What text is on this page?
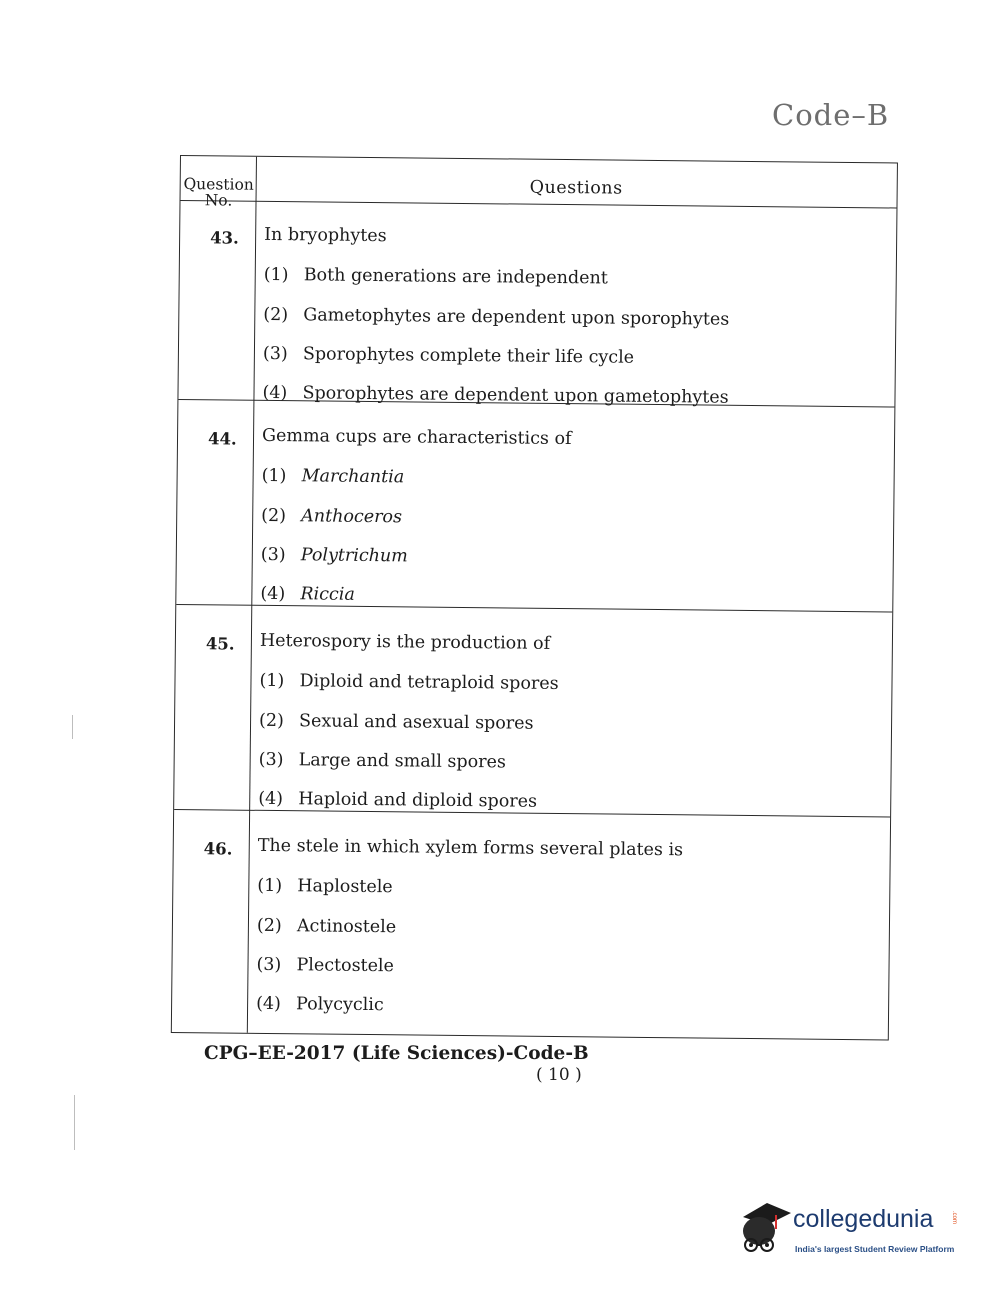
Code–B
Question
No.
Questions
43. In bryophytes
(1) Both generations are independent
(2) Gametophytes are dependent upon sporophytes
(3) Sporophytes complete their life cycle
(4) Sporophytes are dependent upon gametophytes
44. Gemma cups are characteristics of
(1) Marchantia
(2) Anthoceros
(3) Polytrichum
(4) Riccia
45. Heterospory is the production of
(1) Diploid and tetraploid spores
(2) Sexual and asexual spores
(3) Large and small spores
(4) Haploid and diploid spores
46. The stele in which xylem forms several plates is
(1) Haplostele
(2) Actinostele
(3) Plectostele
(4) Polycyclic
CPG–EE-2017 (Life Sciences)-Code-B
( 10 )
collegedunia	.com
India's largest Student Review Platform
